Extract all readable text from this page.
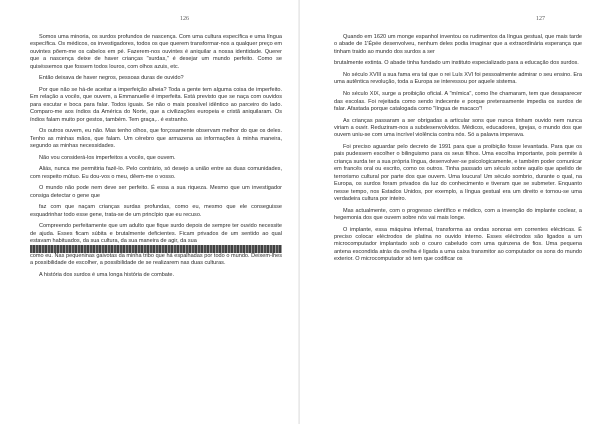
126

Somos uma minoria, os surdos profundos de nascença. Com uma cultura específica e uma língua específica. Os médicos, os investigadores, todos os que querem transformar-nos a qualquer preço em ouvintes põem-me os cabelos em pé. Fazerem-nos ouvintes é aniquilar a nossa identidade. Querer que a nascença deixe de haver crianças "surdas," é desejar um mundo perfeito. Como se quiséssemos que fossem todos louros, com olhos azuis, etc.

Então deixava de haver negros, pessoas duras de ouvido?

Por que não se há-de aceitar a imperfeição alheia? Toda a gente tem alguma coisa de imperfeito. Em relação a vocês, que ouvem, a Emmanuelle é imperfeita. Está previsto que se naça com ouvidos para escutar e boca para falar. Todos iguais. Se não o mais possível idêntico ao parceiro do lado. Comparo-me aos índios da América do Norte, que a civilizações europeia e cristã aniquilaram. Os índios falam muito por gestos, também. Tem graça,.. é estranho.

Os outros ouvem, eu não. Mas tenho olhos, que forçosamente observam melhor do que os deles. Tenho as minhas mãos, que falam. Um cérebro que armazena as informações à minha maneira, segundo as minhas necessidades.

Não vou considerá-los imperfeitos a vocês, que ouvem.

Aliás, nunca me permitiria fazê-lo. Pelo contrário, só desejo a união entre as duas comunidades, com respeito mútuo. Eu dou-vos o meu, dêem-me o vosso.

O mundo não pode nem deve ser perfeito. É essa a sua riqueza. Mesmo que um investigador consiga detectar o gene que

faz com que naçam crianças surdas profundas, como eu, mesmo que ele conseguisse esquadrinhar todo esse gene, trata-se de um princípio que eu recuso.

Compreendo perfeitamente que um adulto que fique surdo depois de sempre ter ouvido necessite de ajuda. Esses ficam súbita e brutalmente deficientes. Ficam privados de um sentido ao qual estavam habituados, da sua cultura, da sua maneira de agir, da sua

como eu. Nas pequeninas gaivotas da minha tribo que há espalhadas por todo o mundo. Deixem-lhes a possibilidade de escolher, a possibilidade de se realizarem nas duas culturas.

A história dos surdos é uma longa história de combate.

127

Quando em 1620 um monge espanhol inventou os rudimentos da língua gestual, que mais tarde o abade de 1'Épée desenvolveu, nenhum deles podia imaginar que a extraordinária esperança que tinham traido ao mundo dos surdos a ser

brutalmente extinta. O abade tinha fundado um instituto especializado para a educação dos surdos.

No século XVIII a sua fama era tal que o rei Luís XVI foi pessoalmente admirar o seu ensino. Era uma autêntica revolução, toda a Europa se interessou por aquele sistema.

No século XIX, surge a proibição oficial. A "mímica", como lhe chamaram, tem que desaparecer das escolas. Foi rejeitada como sendo indecente e porque pretensamente impedia os surdos de falar. Afastada porque catalogada como "língua de macaco"!

As crianças passaram a ser obrigadas a articular sons que nunca tinham ouvido nem nunca viriam a ouvir. Reduziram-nos a subdesenvolvidos. Médicos, educadores, igrejas, o mundo dos que ouvem uniu-se com uma incrível violência contra nós. Só a palavra imperava.

Foi preciso aguardar pelo decreto de 1991 para que a proibição fosse levantada. Para que os pais pudessem escolher o bilinguismo para os seus filhos. Uma escolha importante, pois permite à criança surda ter a sua própria língua, desenvolver-se psicologicamente, e também poder comunicar em francês oral ou escrito, como os outros. Tinha passado um século sobre aquilo que apelido de terrorismo cultural por parte dos que ouvem. Uma loucura! Um século sombrio, durante o qual, na Europa, os surdos foram privados da luz do conhecimento e tiveram que se submeter. Enquanto nesse tempo, nos Estados Unidos, por exemplo, a língua gestual era um direito e tornou-se uma verdadeira cultura por inteiro.

Mas actualmente, com o progresso científico e médico, com a invenção do implante coclear, a hegemonia dos que ouvem sobre nós vai mais longe.

O implante, essa máquina infernal, transforma as ondas sonoras em correntes eléctricas. É preciso colocar eléctrodos de platina no ouvido interno. Esses eléctrodos são ligados a um microcomputador implantado sob o couro cabeludo com uma quinzena de fios. Uma pequena antena escondida atrás da orelha é ligada a uma caixa transmitor ao computador os sons do mundo exterior. O microcomputador só tem que codificar os
